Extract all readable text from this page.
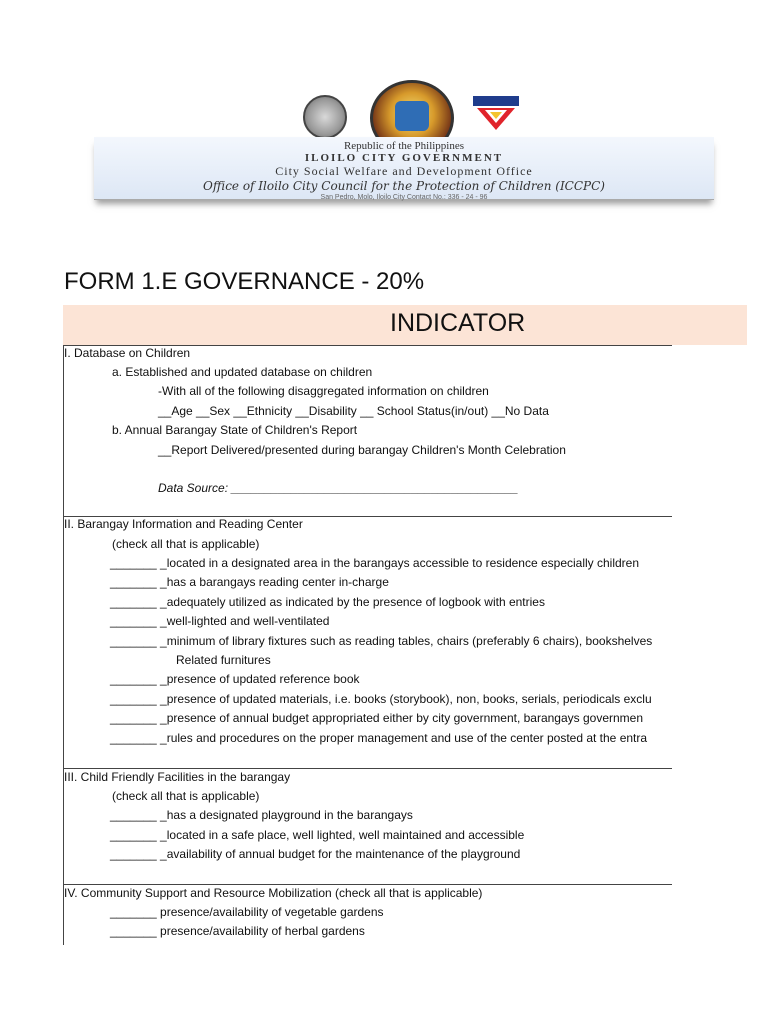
Republic of the Philippines
ILOILO CITY GOVERNMENT
City Social Welfare and Development Office
Office of Iloilo City Council for the Protection of Children (ICCPC)
San Pedro, Molo, Iloilo City Contact No.: 336 - 24 - 96
FORM 1.E GOVERNANCE - 20%
INDICATOR
I. Database on Children
a. Established and updated database on children
-With all of the following disaggregated information on children
__Age __Sex __Ethnicity __Disability __ School Status(in/out) __No Data
b. Annual Barangay State of Children's Report
__Report Delivered/presented during barangay Children's Month Celebration
Data Source: ___________________________________________
II. Barangay Information and Reading Center
(check all that is applicable)
_______ _located in a designated area in the barangays accessible to residence especially children
_______ _has a barangays reading center in-charge
_______ _adequately utilized as indicated by the presence of logbook with entries
_______ _well-lighted and well-ventilated
_______ _minimum of library fixtures such as reading tables, chairs (preferably 6 chairs), bookshelves
Related furnitures
_______ _presence of updated reference book
_______ _presence of updated materials, i.e. books (storybook), non, books, serials, periodicals exclu
_______ _presence of annual budget appropriated either by city government, barangays governmen
_______ _rules and procedures on the proper management and use of the center posted at the entra
III. Child Friendly Facilities in the barangay
(check all that is applicable)
_______ _has a designated playground in the barangays
_______ _located in a safe place, well lighted, well maintained and accessible
_______ _availability of annual budget for the maintenance of the playground
IV. Community Support and Resource Mobilization (check all that is applicable)
_______ presence/availability of vegetable gardens
_______ presence/availability of herbal gardens
